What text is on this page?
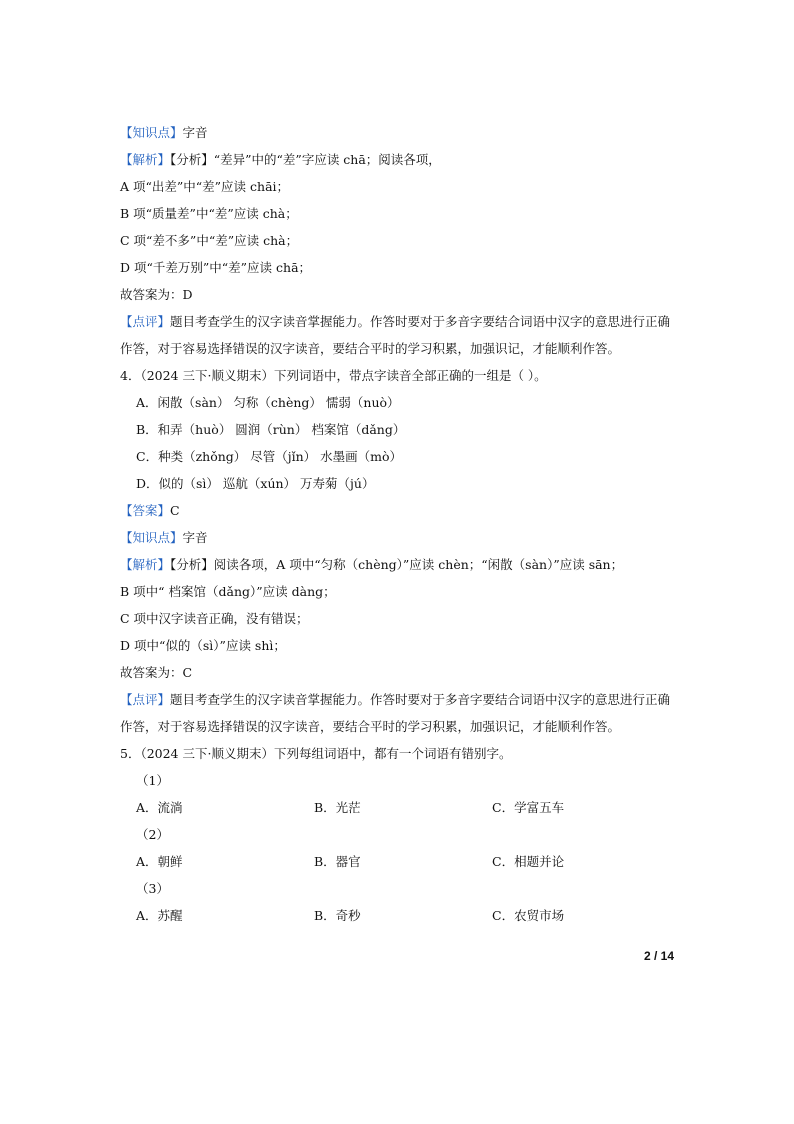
【知识点】字音
【解析】【分析】“差异”中的“差”字应读 chā；阅读各项，
A 项“出差”中“差”应读 chāi；
B 项“质量差”中“差”应读 chà；
C 项“差不多”中“差”应读 chà；
D 项“千差万别”中“差”应读 chā；
故答案为：D
【点评】题目考查学生的汉字读音掌握能力。作答时要对于多音字要结合词语中汉字的意思进行正确
作答，对于容易选择错误的汉字读音，要结合平时的学习积累，加强识记，才能顺利作答。
4．（2024 三下·顺义期末）下列词语中，带点字读音全部正确的一组是（ ）。
A．闲散（sàn） 匀称（chèng） 懦弱（nuò）
B．和弄（huò） 圆润（rùn） 档案馆（dǎng）
C．种类（zhǒng） 尽管（jǐn） 水墨画（mò）
D．似的（sì） 巡航（xún） 万寿菊（jú）
【答案】C
【知识点】字音
【解析】【分析】阅读各项，A 项中“匀称（chèng）”应读 chèn；“闲散（sàn）”应读 sān；
B 项中“ 档案馆（dǎng）”应读 dàng；
C 项中汉字读音正确，没有错误；
D 项中“似的（sì）”应读 shì；
故答案为：C
【点评】题目考查学生的汉字读音掌握能力。作答时要对于多音字要结合词语中汉字的意思进行正确
作答，对于容易选择错误的汉字读音，要结合平时的学习积累，加强识记，才能顺利作答。
5．（2024 三下·顺义期末）下列每组词语中，都有一个词语有错别字。
（1）
A．流淌	B．光茫	C．学富五车
（2）
A．朝鲜	B．器官	C．相题并论
（3）
A．苏醒	B．奇秒	C．农贸市场
2 / 14
